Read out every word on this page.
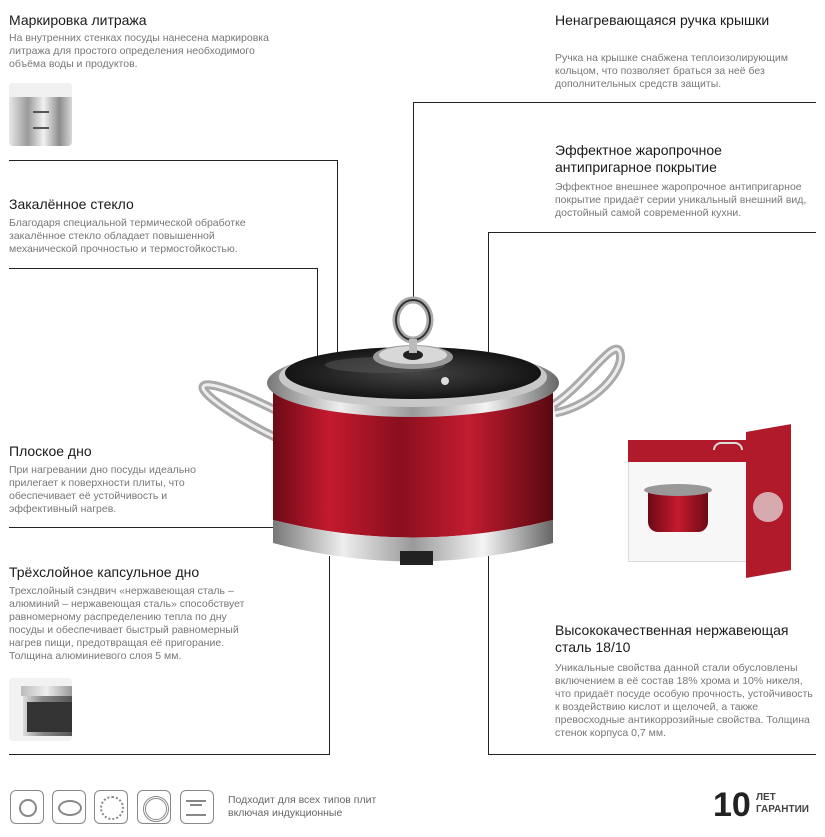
Маркировка литража
На внутренних стенках посуды нанесена маркировка литража для простого определения необходимого объёма воды и продуктов.
Закалённое стекло
Благодаря специальной термической обработке закалённое стекло обладает повышенной механической прочностью и термостойкостью.
Плоское дно
При нагревании дно посуды идеально прилегает к поверхности плиты, что обеспечивает её устойчивость и эффективный нагрев.
Трёхслойное капсульное дно
Трехслойный сэндвич «нержавеющая сталь – алюминий – нержавеющая сталь» способствует равномерному распределению тепла по дну посуды и обеспечивает быстрый равномерный нагрев пищи, предотвращая её пригорание. Толщина алюминиевого слоя 5 мм.
Ненагревающаяся ручка крышки
Ручка на крышке снабжена теплоизолирующим кольцом, что позволяет браться за неё без дополнительных средств защиты.
Эффектное жаропрочное антипригарное покрытие
Эффектное внешнее жаропрочное антипригарное покрытие придаёт серии уникальный внешний вид, достойный самой современной кухни.
Высококачественная нержавеющая сталь 18/10
Уникальные свойства данной стали обусловлены включением в её состав 18% хрома и 10% никеля, что придаёт посуде особую прочность, устойчивость к воздействию кислот и щелочей, а также превосходные антикоррозийные свойства. Толщина стенок корпуса 0,7 мм.
Подходит для всех типов плит включая индукционные	10 ЛЕТ ГАРАНТИИ
